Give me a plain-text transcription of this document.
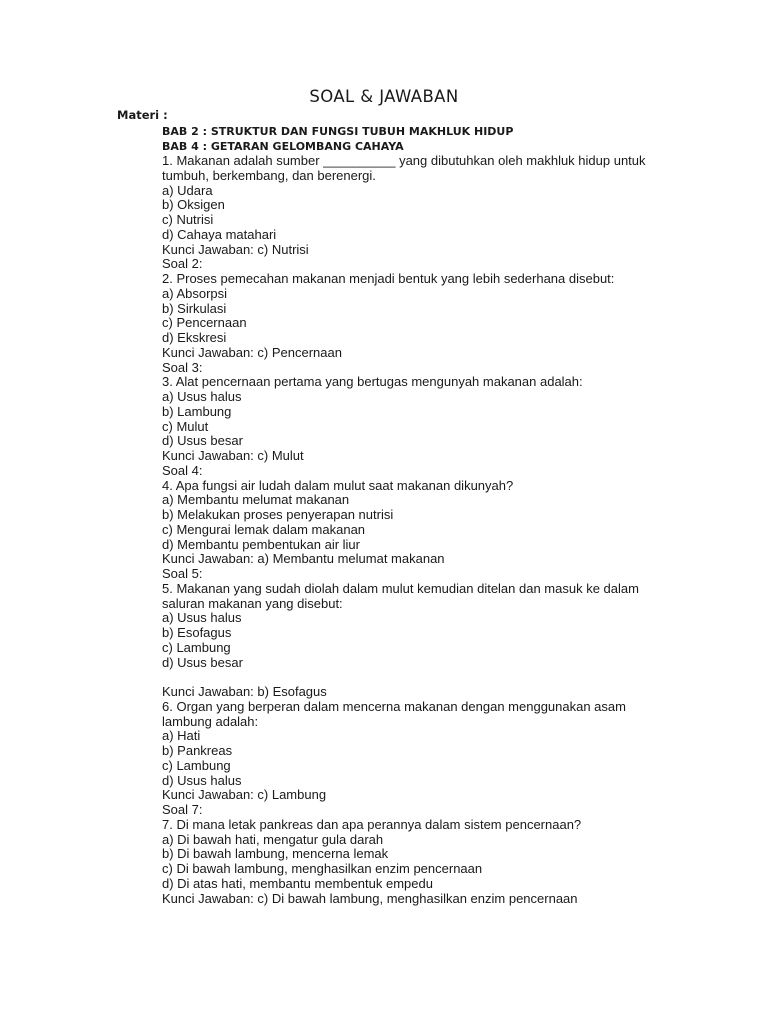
SOAL & JAWABAN
Materi :
BAB 2 : STRUKTUR DAN FUNGSI TUBUH MAKHLUK HIDUP
BAB 4 : GETARAN GELOMBANG CAHAYA
1. Makanan adalah sumber __________ yang dibutuhkan oleh makhluk hidup untuk
tumbuh, berkembang, dan berenergi.
a) Udara
b) Oksigen
c) Nutrisi
d) Cahaya matahari
Kunci Jawaban: c) Nutrisi
Soal 2:
2. Proses pemecahan makanan menjadi bentuk yang lebih sederhana disebut:
a) Absorpsi
b) Sirkulasi
c) Pencernaan
d) Ekskresi
Kunci Jawaban: c) Pencernaan
Soal 3:
3. Alat pencernaan pertama yang bertugas mengunyah makanan adalah:
a) Usus halus
b) Lambung
c) Mulut
d) Usus besar
Kunci Jawaban: c) Mulut
Soal 4:
4. Apa fungsi air ludah dalam mulut saat makanan dikunyah?
a) Membantu melumat makanan
b) Melakukan proses penyerapan nutrisi
c) Mengurai lemak dalam makanan
d) Membantu pembentukan air liur
Kunci Jawaban: a) Membantu melumat makanan
Soal 5:
5. Makanan yang sudah diolah dalam mulut kemudian ditelan dan masuk ke dalam
saluran makanan yang disebut:
a) Usus halus
b) Esofagus
c) Lambung
d) Usus besar
Kunci Jawaban: b) Esofagus
6. Organ yang berperan dalam mencerna makanan dengan menggunakan asam
lambung adalah:
a) Hati
b) Pankreas
c) Lambung
d) Usus halus
Kunci Jawaban: c) Lambung
Soal 7:
7. Di mana letak pankreas dan apa perannya dalam sistem pencernaan?
a) Di bawah hati, mengatur gula darah
b) Di bawah lambung, mencerna lemak
c) Di bawah lambung, menghasilkan enzim pencernaan
d) Di atas hati, membantu membentuk empedu
Kunci Jawaban: c) Di bawah lambung, menghasilkan enzim pencernaan
